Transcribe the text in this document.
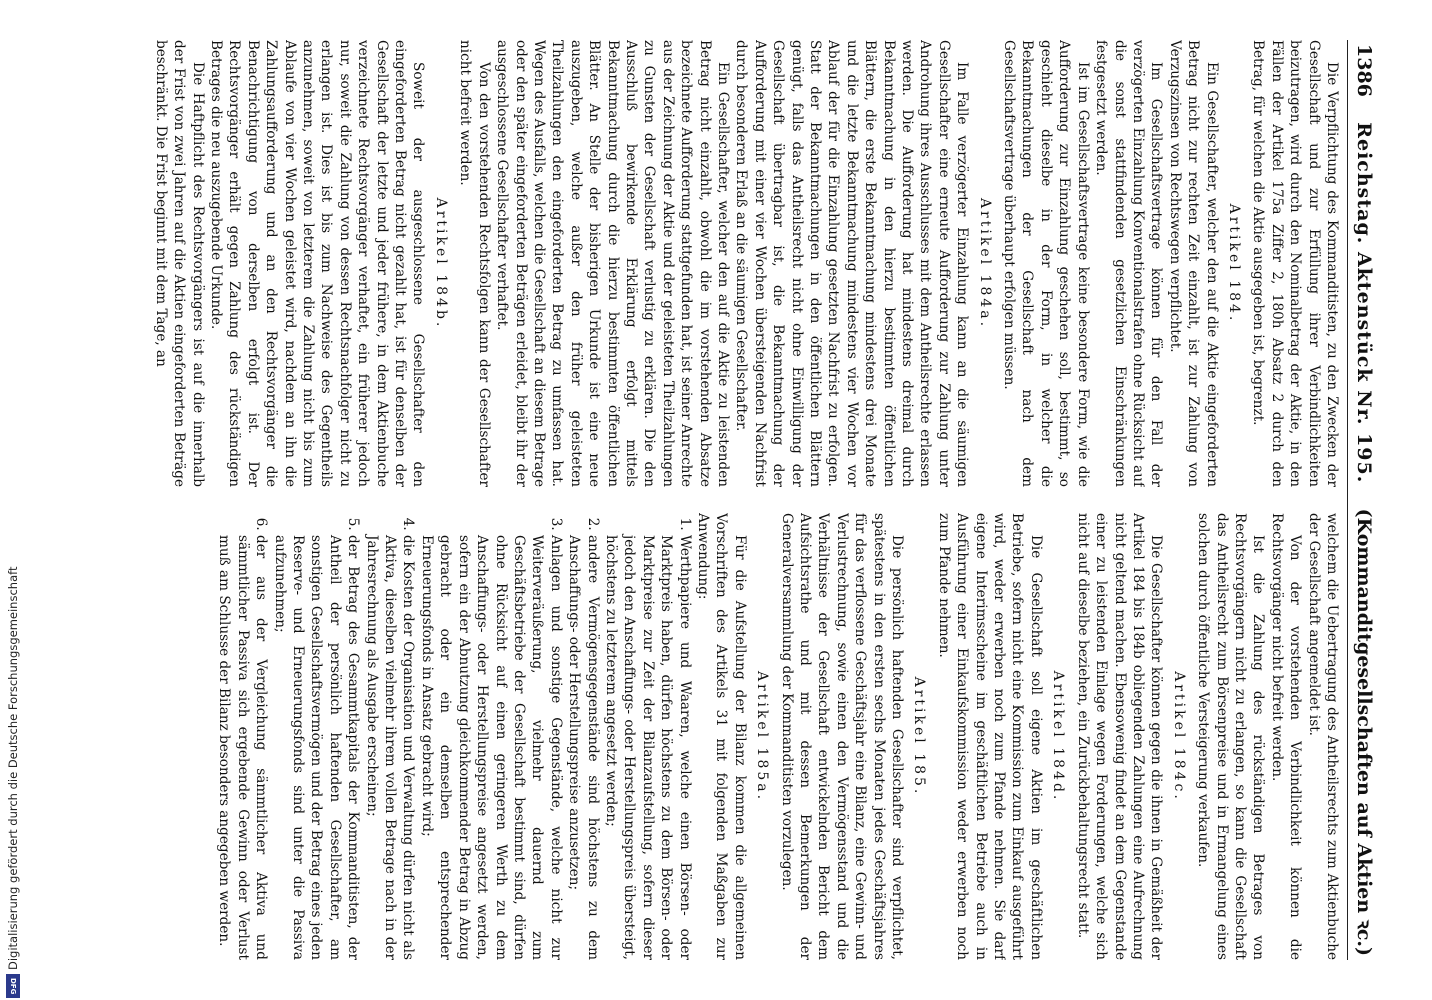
1386
Reichstag. Aktenstück Nr. 195.
(Kommanditgesellschaften auf Aktien ꝛc.)

Die Verpflichtung des Kommanditisten, zu den Zwecken der Gesellschaft und zur Erfüllung ihrer Verbindlichkeiten beizutragen, wird durch den Nominalbetrag der Aktie, in den Fällen der Artikel 175a Ziffer 2, 180h Absatz 2 durch den Betrag, für welchen die Aktie ausgegeben ist, begrenzt.

Artikel 184.

Ein Gesellschafter, welcher den auf die Aktie eingeforderten Betrag nicht zur rechten Zeit einzahlt, ist zur Zahlung von Verzugszinsen von Rechtswegen verpflichtet.

Im Gesellschaftsvertrage können für den Fall der verzögerten Einzahlung Konventionalstrafen ohne Rücksicht auf die sonst stattfindenden gesetzlichen Einschränkungen festgesetzt werden.

Ist im Gesellschaftsvertrage keine besondere Form, wie die Aufforderung zur Einzahlung geschehen soll, bestimmt, so geschieht dieselbe in der Form, in welcher die Bekanntmachungen der Gesellschaft nach dem Gesellschaftsvertrage überhaupt erfolgen müssen.

Artikel 184a.

Im Falle verzögerter Einzahlung kann an die säumigen Gesellschafter eine erneute Aufforderung zur Zahlung unter Androhung ihres Ausschlusses mit dem Antheilsrechte erlassen werden. Die Aufforderung hat mindestens dreimal durch Bekanntmachung in den hierzu bestimmten öffentlichen Blättern, die erste Bekanntmachung mindestens drei Monate und die letzte Bekanntmachung mindestens vier Wochen vor Ablauf der für die Einzahlung gesetzten Nachfrist zu erfolgen. Statt der Bekanntmachungen in den öffentlichen Blättern genügt, falls das Antheilsrecht nicht ohne Einwilligung der Gesellschaft übertragbar ist, die Bekanntmachung der Aufforderung mit einer vier Wochen übersteigenden Nachfrist durch besonderen Erlaß an die säumigen Gesellschafter.

Ein Gesellschafter, welcher den auf die Aktie zu leistenden Betrag nicht einzahlt, obwohl die im vorstehenden Absatze bezeichnete Aufforderung stattgefunden hat, ist seiner Anrechte aus der Zeichnung der Aktie und der geleisteten Theilzahlungen zu Gunsten der Gesellschaft verlustig zu erklären. Die den Ausschluß bewirkende Erklärung erfolgt mittels Bekanntmachung durch die hierzu bestimmten öffentlichen Blätter. An Stelle der bisherigen Urkunde ist eine neue auszugeben, welche außer den früher geleisteten Theilzahlungen den eingeforderten Betrag zu umfassen hat. Wegen des Ausfalls, welchen die Gesellschaft an diesem Betrage oder den später eingeforderten Beträgen erleidet, bleibt ihr der ausgeschlossene Gesellschafter verhaftet.

Von den vorstehenden Rechtsfolgen kann der Gesellschafter nicht befreit werden.

Artikel 184b.

Soweit der ausgeschlossene Gesellschafter den eingeforderten Betrag nicht gezahlt hat, ist für denselben der Gesellschaft der letzte und jeder frühere, in dem Aktienbuche verzeichnete Rechtsvorgänger verhaftet, ein früherer jedoch nur, soweit die Zahlung von dessen Rechtsnachfolger nicht zu erlangen ist. Dies ist bis zum Nachweise des Gegentheils anzunehmen, soweit von letzterem die Zahlung nicht bis zum Ablaufe von vier Wochen geleistet wird, nachdem an ihn die Zahlungsaufforderung und an den Rechtsvorgänger die Benachrichtigung von derselben erfolgt ist. Der Rechtsvorgänger erhält gegen Zahlung des rückständigen Betrages die neu auszugebende Urkunde.

Die Haftpflicht des Rechtsvorgängers ist auf die innerhalb der Frist von zwei Jahren auf die Aktien eingeforderten Beträge beschränkt. Die Frist beginnt mit dem Tage, an

welchem die Uebertragung des Antheilsrechts zum Aktienbuche der Gesellschaft angemeldet ist.

Von der vorstehenden Verbindlichkeit können die Rechtsvorgänger nicht befreit werden.

Ist die Zahlung des rückständigen Betrages von Rechtsvorgängern nicht zu erlangen, so kann die Gesellschaft das Antheilsrecht zum Börsenpreise und in Ermangelung eines solchen durch öffentliche Versteigerung verkaufen.

Artikel 184c.

Die Gesellschafter können gegen die ihnen in Gemäßheit der Artikel 184 bis 184b obliegenden Zahlungen eine Aufrechnung nicht geltend machen. Ebensowenig findet an dem Gegenstande einer zu leistenden Einlage wegen Forderungen, welche sich nicht auf dieselbe beziehen, ein Zurückbehaltungsrecht statt.

Artikel 184d.

Die Gesellschaft soll eigene Aktien im geschäftlichen Betriebe, sofern nicht eine Kommission zum Einkauf ausgeführt wird, weder erwerben noch zum Pfande nehmen. Sie darf eigene Interimsscheine im geschäftlichen Betriebe auch in Ausführung einer Einkaufskommission weder erwerben noch zum Pfande nehmen.

Artikel 185.

Die persönlich haftenden Gesellschafter sind verpflichtet, spätestens in den ersten sechs Monaten jedes Geschäftsjahres für das verflossene Geschäftsjahr eine Bilanz, eine Gewinn- und Verlustrechnung, sowie einen den Vermögensstand und die Verhältnisse der Gesellschaft entwickelnden Bericht dem Aufsichtsrathe und mit dessen Bemerkungen der Generalversammlung der Kommanditisten vorzulegen.

Artikel 185a.

Für die Aufstellung der Bilanz kommen die allgemeinen Vorschriften des Artikels 31 mit folgenden Maßgaben zur Anwendung:

1. Werthpapiere und Waaren, welche einen Börsen- oder Marktpreis haben, dürfen höchstens zu dem Börsen- oder Marktpreise zur Zeit der Bilanzaufstellung, sofern dieser jedoch den Anschaffungs- oder Herstellungspreis übersteigt, höchstens zu letzterem angesetzt werden;
2. andere Vermögensgegenstände sind höchstens zu dem Anschaffungs- oder Herstellungspreise anzusetzen;
3. Anlagen und sonstige Gegenstände, welche nicht zur Weiterveräußerung, vielmehr dauernd zum Geschäftsbetriebe der Gesellschaft bestimmt sind, dürfen ohne Rücksicht auf einen geringeren Werth zu dem Anschaffungs- oder Herstellungspreise angesetzt werden, sofern ein der Abnutzung gleichkommender Betrag in Abzug gebracht oder ein demselben entsprechender Erneuerungsfonds in Ansatz gebracht wird;
4. die Kosten der Organisation und Verwaltung dürfen nicht als Aktiva, dieselben vielmehr ihrem vollen Betrage nach in der Jahresrechnung als Ausgabe erscheinen;
5. der Betrag des Gesammtkapitals der Kommanditisten, der Antheil der persönlich haftenden Gesellschafter, am sonstigen Gesellschaftsvermögen und der Betrag eines jeden Reserve- und Erneuerungsfonds sind unter die Passiva aufzunehmen;
6. der aus der Vergleichung sämmtlicher Aktiva und sämmtlicher Passiva sich ergebende Gewinn oder Verlust muß am Schlusse der Bilanz besonders angegeben werden.
Digitalisierung gefördert durch die Deutsche Forschungsgemeinschaft
DFG
